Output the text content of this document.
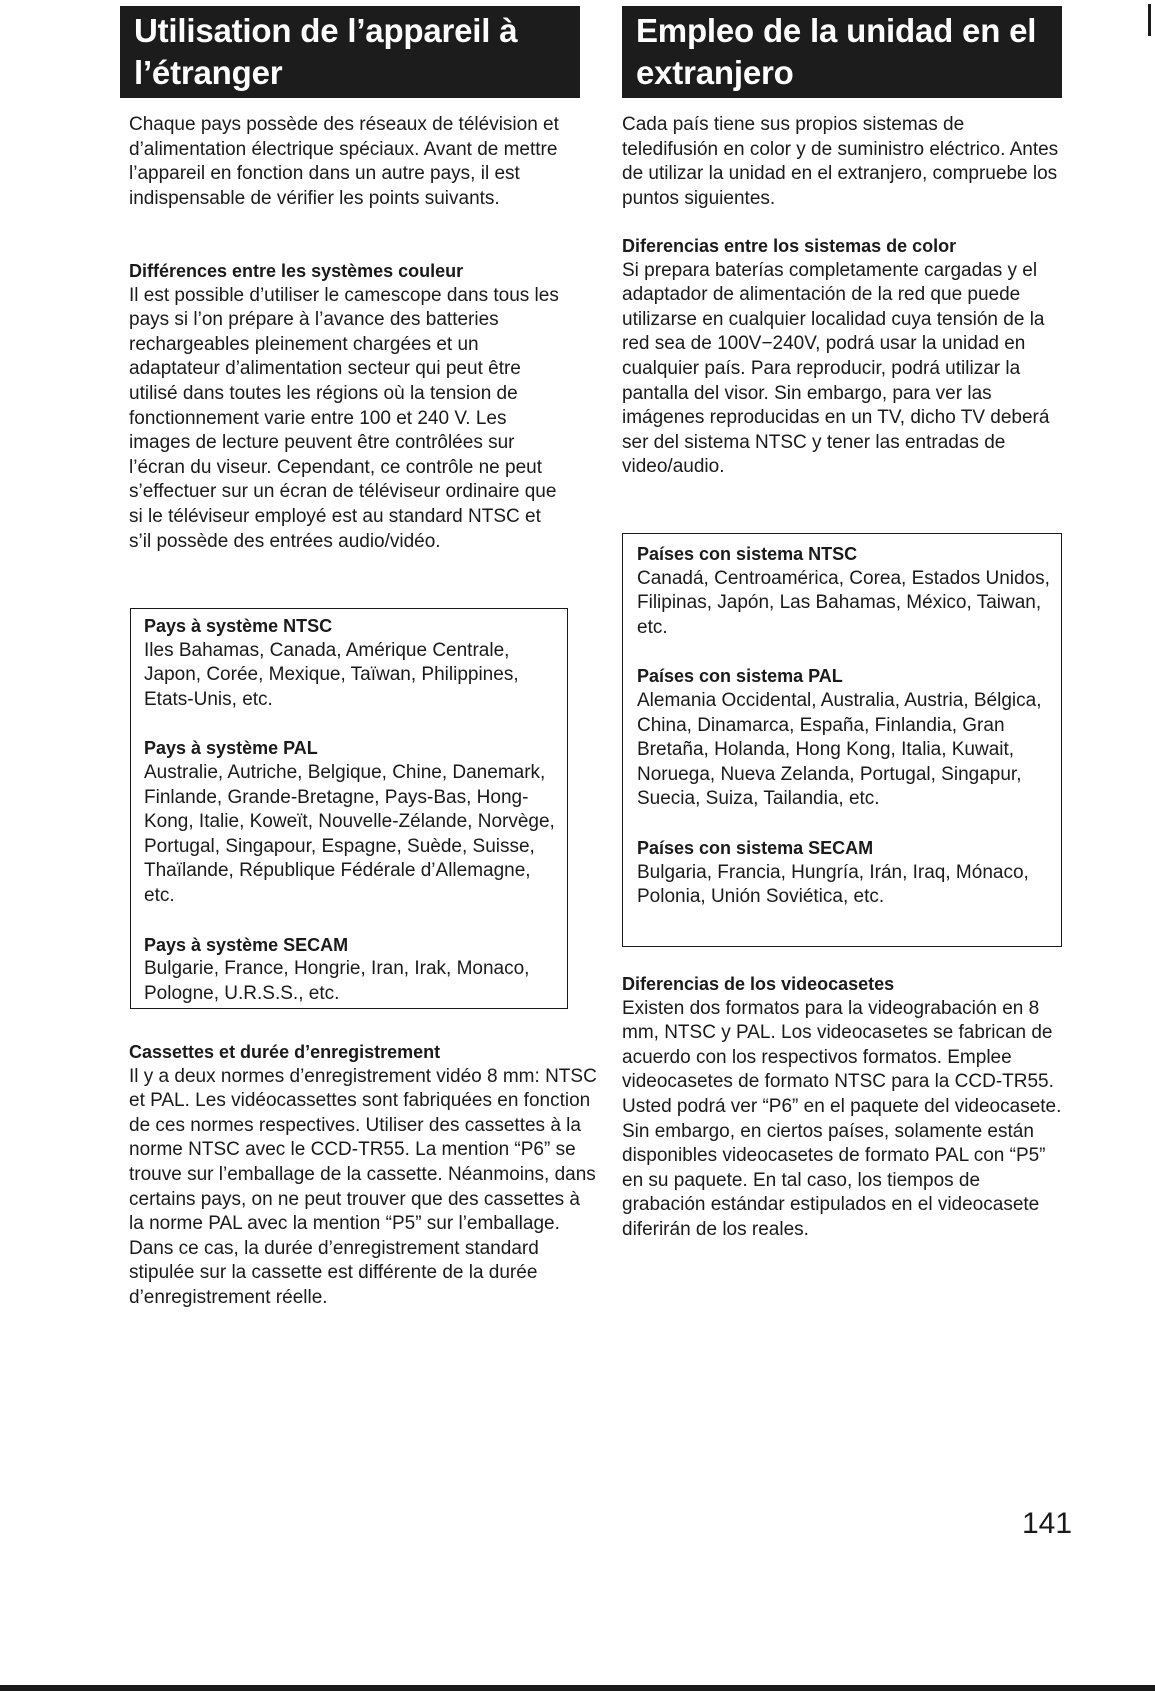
Utilisation de l’appareil à
l’étranger
Empleo de la unidad en el
extranjero

Chaque pays possède des réseaux de télévision et d’alimentation électrique spéciaux. Avant de mettre l’appareil en fonction dans un autre pays, il est indispensable de vérifier les points suivants.

Différences entre les systèmes couleur

Il est possible d’utiliser le camescope dans tous les pays si l’on prépare à l’avance des batteries rechargeables pleinement chargées et un adaptateur d’alimentation secteur qui peut être utilisé dans toutes les régions où la tension de fonctionnement varie entre 100 et 240 V. Les images de lecture peuvent être contrôlées sur l’écran du viseur. Cependant, ce contrôle ne peut s’effectuer sur un écran de téléviseur ordinaire que si le téléviseur employé est au standard NTSC et s’il possède des entrées audio/vidéo.

Pays à système NTSC

Iles Bahamas, Canada, Amérique Centrale, Japon, Corée, Mexique, Taïwan, Philippines, Etats-Unis, etc.

Pays à système PAL

Australie, Autriche, Belgique, Chine, Danemark, Finlande, Grande-Bretagne, Pays-Bas, Hong-Kong, Italie, Koweït, Nouvelle-Zélande, Norvège, Portugal, Singapour, Espagne, Suède, Suisse, Thaïlande, République Fédérale d’Allemagne, etc.

Pays à système SECAM

Bulgarie, France, Hongrie, Iran, Irak, Monaco, Pologne, U.R.S.S., etc.

Cassettes et durée d’enregistrement

Il y a deux normes d’enregistrement vidéo 8 mm: NTSC et PAL. Les vidéocassettes sont fabriquées en fonction de ces normes respectives. Utiliser des cassettes à la norme NTSC avec le CCD-TR55. La mention “P6” se trouve sur l’emballage de la cassette. Néanmoins, dans certains pays, on ne peut trouver que des cassettes à la norme PAL avec la mention “P5” sur l’emballage. Dans ce cas, la durée d’enregistrement standard stipulée sur la cassette est différente de la durée d’enregistrement réelle.

Cada país tiene sus propios sistemas de teledifusión en color y de suministro eléctrico. Antes de utilizar la unidad en el extranjero, compruebe los puntos siguientes.

Diferencias entre los sistemas de color

Si prepara baterías completamente cargadas y el adaptador de alimentación de la red que puede utilizarse en cualquier localidad cuya tensión de la red sea de 100V−240V, podrá usar la unidad en cualquier país. Para reproducir, podrá utilizar la pantalla del visor. Sin embargo, para ver las imágenes reproducidas en un TV, dicho TV deberá ser del sistema NTSC y tener las entradas de video/audio.

Países con sistema NTSC

Canadá, Centroamérica, Corea, Estados Unidos, Filipinas, Japón, Las Bahamas, México, Taiwan, etc.

Países con sistema PAL

Alemania Occidental, Australia, Austria, Bélgica, China, Dinamarca, España, Finlandia, Gran Bretaña, Holanda, Hong Kong, Italia, Kuwait, Noruega, Nueva Zelanda, Portugal, Singapur, Suecia, Suiza, Tailandia, etc.

Países con sistema SECAM

Bulgaria, Francia, Hungría, Irán, Iraq, Mónaco, Polonia, Unión Soviética, etc.

Diferencias de los videocasetes

Existen dos formatos para la videograbación en 8 mm, NTSC y PAL. Los videocasetes se fabrican de acuerdo con los respectivos formatos. Emplee videocasetes de formato NTSC para la CCD-TR55. Usted podrá ver “P6” en el paquete del videocasete. Sin embargo, en ciertos países, solamente están disponibles videocasetes de formato PAL con “P5” en su paquete. En tal caso, los tiempos de grabación estándar estipulados en el videocasete diferirán de los reales.

141
